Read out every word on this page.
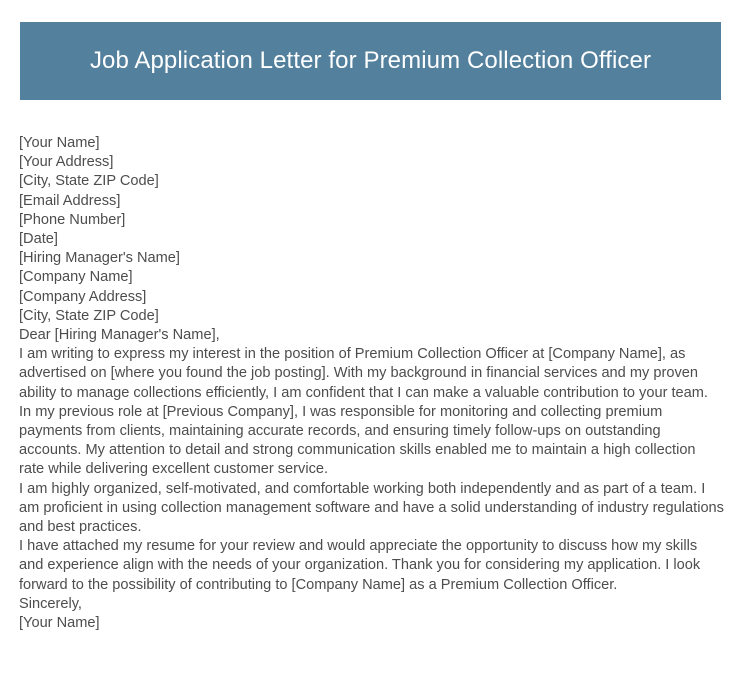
Job Application Letter for Premium Collection Officer
[Your Name]
[Your Address]
[City, State ZIP Code]
[Email Address]
[Phone Number]
[Date]
[Hiring Manager's Name]
[Company Name]
[Company Address]
[City, State ZIP Code]
Dear [Hiring Manager's Name],

I am writing to express my interest in the position of Premium Collection Officer at [Company Name], as advertised on [where you found the job posting]. With my background in financial services and my proven ability to manage collections efficiently, I am confident that I can make a valuable contribution to your team.

In my previous role at [Previous Company], I was responsible for monitoring and collecting premium payments from clients, maintaining accurate records, and ensuring timely follow-ups on outstanding accounts. My attention to detail and strong communication skills enabled me to maintain a high collection rate while delivering excellent customer service.

I am highly organized, self-motivated, and comfortable working both independently and as part of a team. I am proficient in using collection management software and have a solid understanding of industry regulations and best practices.

I have attached my resume for your review and would appreciate the opportunity to discuss how my skills and experience align with the needs of your organization. Thank you for considering my application. I look forward to the possibility of contributing to [Company Name] as a Premium Collection Officer.

Sincerely,
[Your Name]
